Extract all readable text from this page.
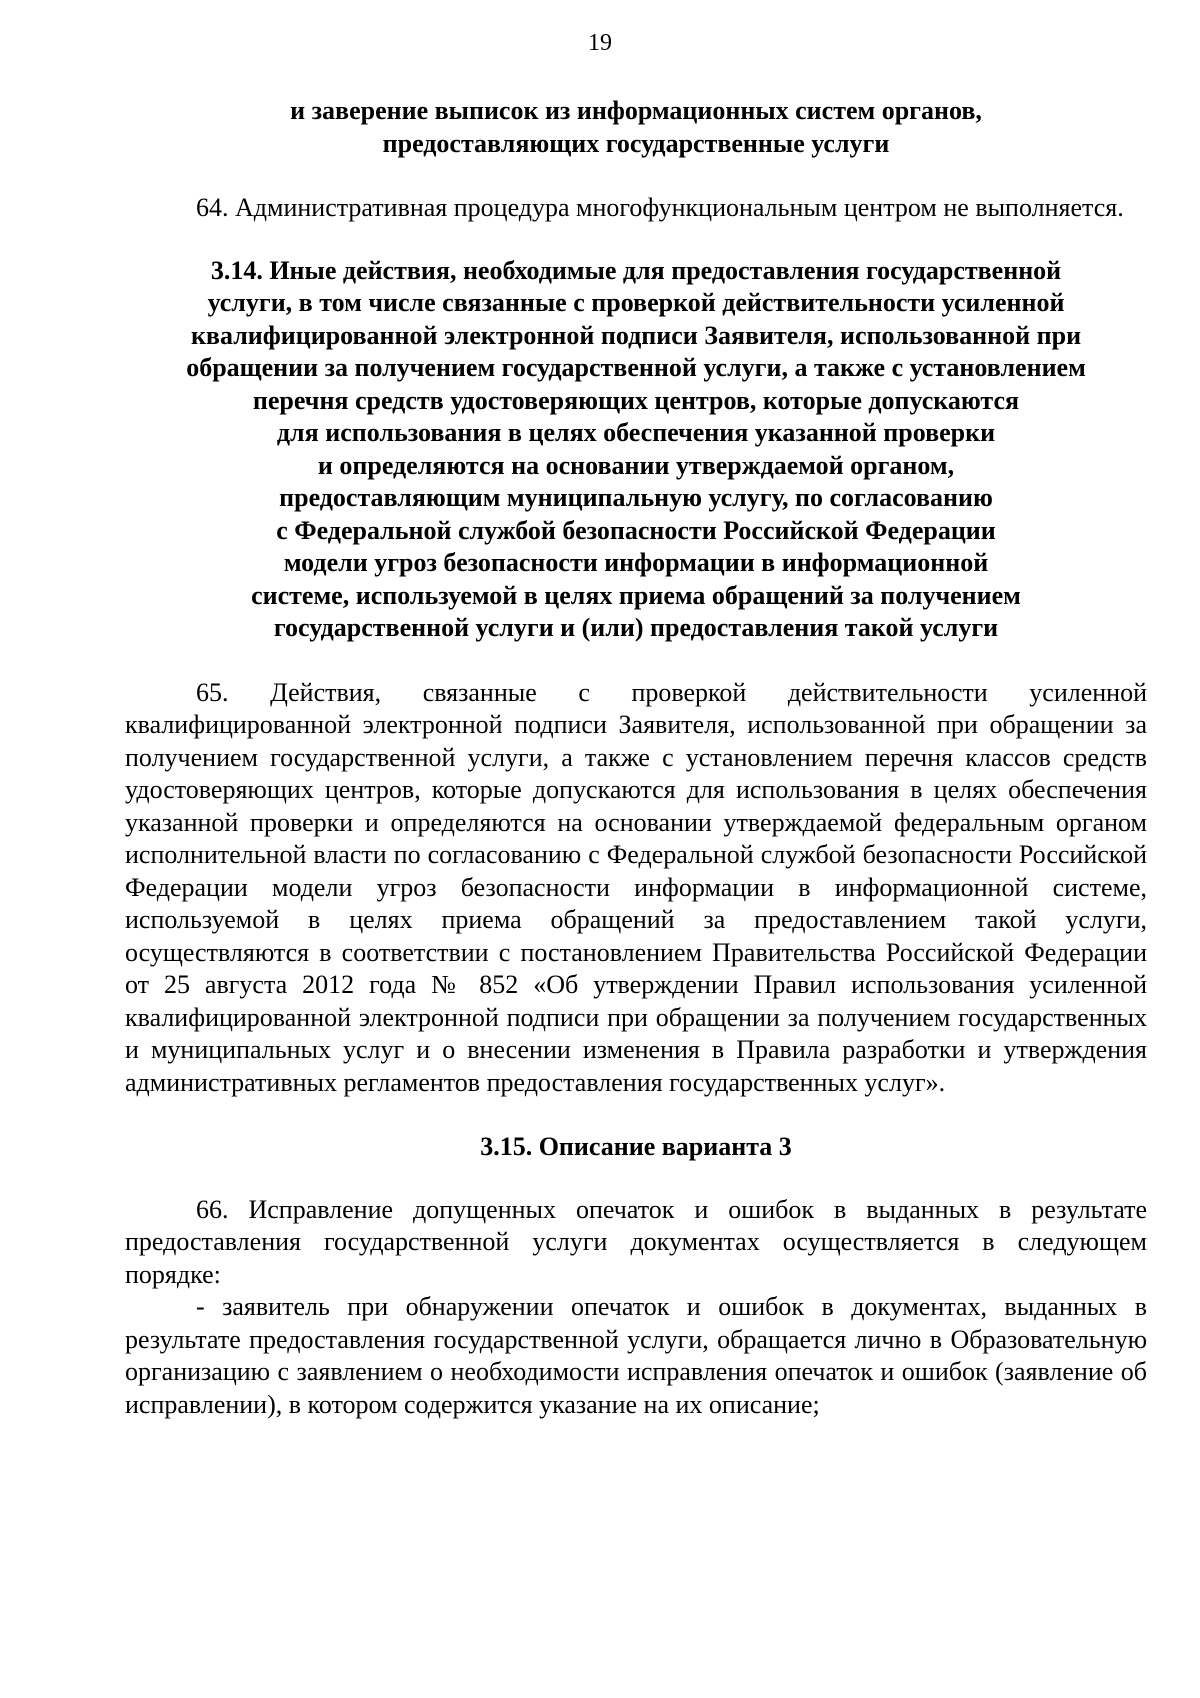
19
и заверение выписок из информационных систем органов,
предоставляющих государственные услуги

64. Административная процедура многофункциональным центром не выполняется.

3.14. Иные действия, необходимые для предоставления государственной
услуги, в том числе связанные с проверкой действительности усиленной
квалифицированной электронной подписи Заявителя, использованной при
обращении за получением государственной услуги, а также с установлением
перечня средств удостоверяющих центров, которые допускаются
для использования в целях обеспечения указанной проверки
и определяются на основании утверждаемой органом,
предоставляющим муниципальную услугу, по согласованию
с Федеральной службой безопасности Российской Федерации
модели угроз безопасности информации в информационной
системе, используемой в целях приема обращений за получением
государственной услуги и (или) предоставления такой услуги

65. Действия, связанные с проверкой действительности усиленной квалифицированной электронной подписи Заявителя, использованной при обращении за получением государственной услуги, а также с установлением перечня классов средств удостоверяющих центров, которые допускаются для использования в целях обеспечения указанной проверки и определяются на основании утверждаемой федеральным органом исполнительной власти по согласованию с Федеральной службой безопасности Российской Федерации модели угроз безопасности информации в информационной системе, используемой в целях приема обращений за предоставлением такой услуги, осуществляются в соответствии с постановлением Правительства Российской Федерации от 25 августа 2012 года № 852 «Об утверждении Правил использования усиленной квалифицированной электронной подписи при обращении за получением государственных и муниципальных услуг и о внесении изменения в Правила разработки и утверждения административных регламентов предоставления государственных услуг».

3.15. Описание варианта 3

66. Исправление допущенных опечаток и ошибок в выданных в результате предоставления государственной услуги документах осуществляется в следующем порядке:

- заявитель при обнаружении опечаток и ошибок в документах, выданных в результате предоставления государственной услуги, обращается лично в Образовательную организацию с заявлением о необходимости исправления опечаток и ошибок (заявление об исправлении), в котором содержится указание на их описание;
